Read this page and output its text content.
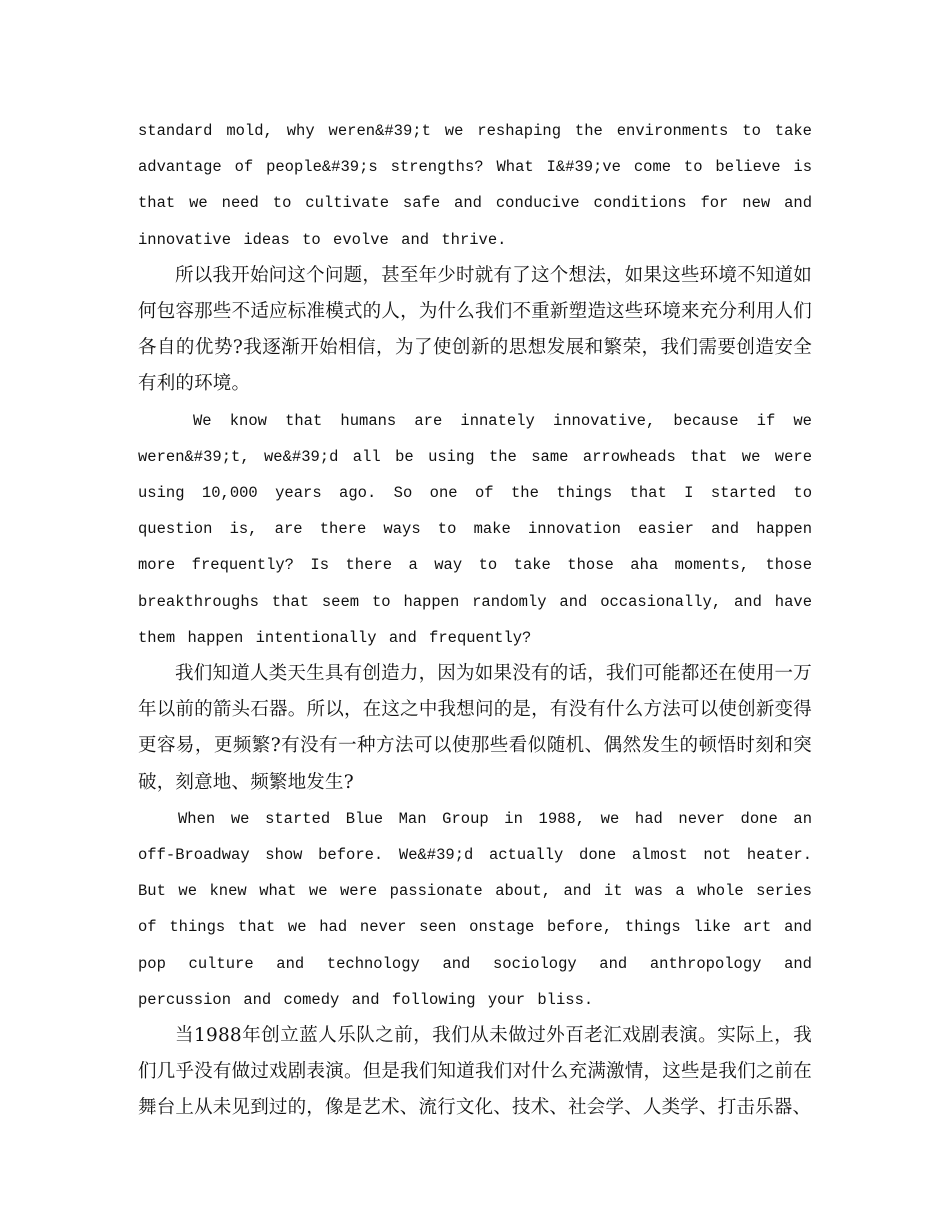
standard mold, why weren&#39;t we reshaping the environments to take advantage of people&#39;s strengths? What I&#39;ve come to believe is that we need to cultivate safe and conducive conditions for new and innovative ideas to evolve and thrive.

所以我开始问这个问题，甚至年少时就有了这个想法，如果这些环境不知道如何包容那些不适应标准模式的人，为什么我们不重新塑造这些环境来充分利用人们各自的优势?我逐渐开始相信，为了使创新的思想发展和繁荣，我们需要创造安全有利的环境。

We know that humans are innately innovative, because if we weren&#39;t, we&#39;d all be using the same arrowheads that we were using 10,000 years ago. So one of the things that I started to question is, are there ways to make innovation easier and happen more frequently? Is there a way to take those aha moments, those breakthroughs that seem to happen randomly and occasionally, and have them happen intentionally and frequently?

我们知道人类天生具有创造力，因为如果没有的话，我们可能都还在使用一万年以前的箭头石器。所以，在这之中我想问的是，有没有什么方法可以使创新变得更容易，更频繁?有没有一种方法可以使那些看似随机、偶然发生的顿悟时刻和突破，刻意地、频繁地发生?

When we started Blue Man Group in 1988, we had never done an off-Broadway show before. We&#39;d actually done almost not heater. But we knew what we were passionate about, and it was a whole series of things that we had never seen onstage before, things like art and pop culture and technology and sociology and anthropology and percussion and comedy and following your bliss.

当1988年创立蓝人乐队之前，我们从未做过外百老汇戏剧表演。实际上，我们几乎没有做过戏剧表演。但是我们知道我们对什么充满激情，这些是我们之前在舞台上从未见到过的，像是艺术、流行文化、技术、社会学、人类学、打击乐器、
